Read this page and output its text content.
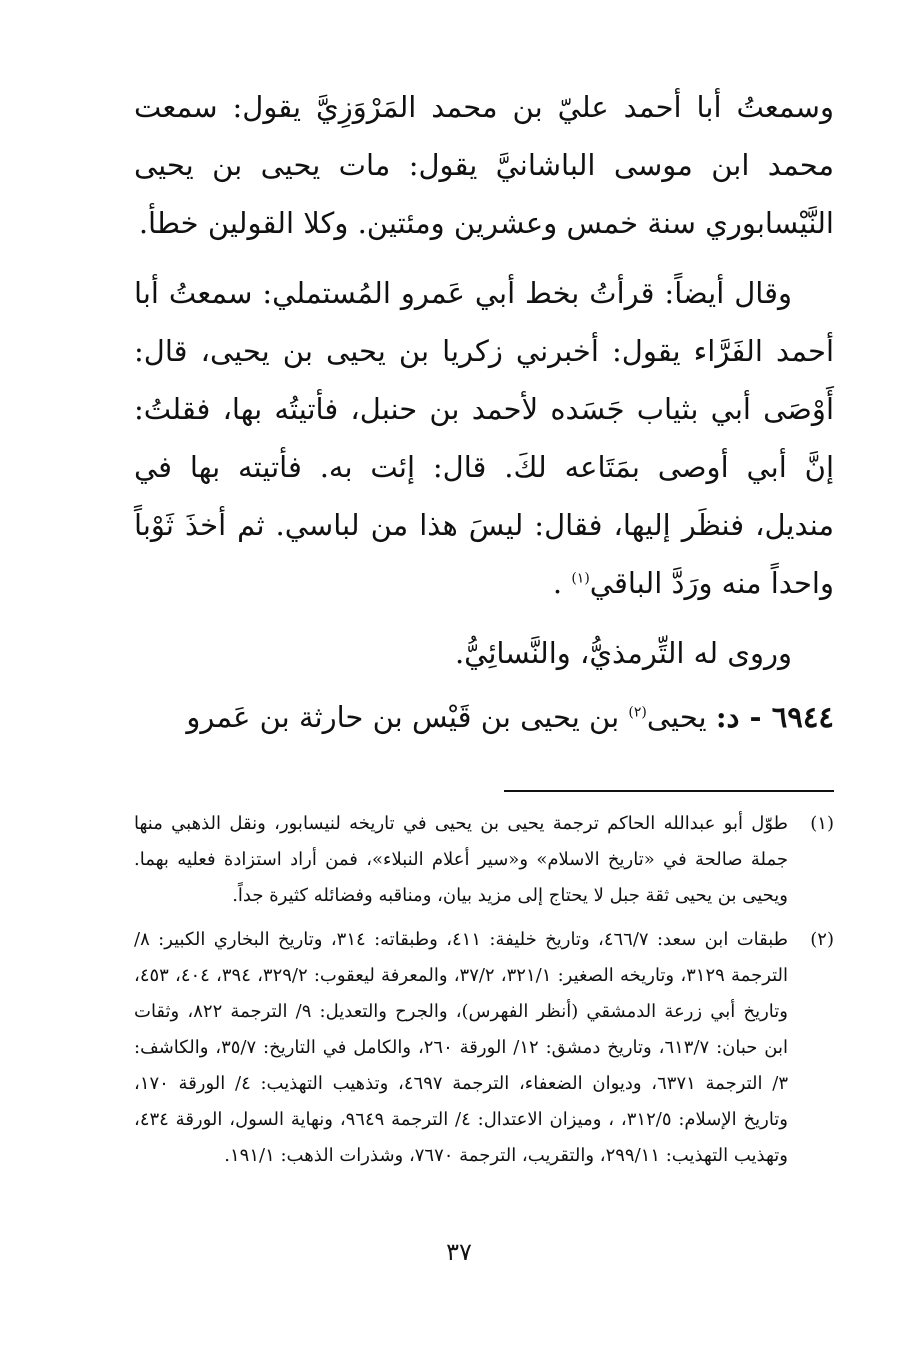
وسمعتُ أبا أحمد عليّ بن محمد المَرْوَزِيَّ يقول: سمعت محمد ابن موسى الباشانيَّ يقول: مات يحيى بن يحيى النَّيْسابوري سنة خمس وعشرين ومئتين. وكلا القولين خطأ.

وقال أيضاً: قرأتُ بخط أبي عَمرو المُستملي: سمعتُ أبا أحمد الفَرَّاء يقول: أخبرني زكريا بن يحيى بن يحيى، قال: أَوْصَى أبي بثياب جَسَده لأحمد بن حنبل، فأتيتُه بها، فقلتُ: إنَّ أبي أوصى بمَتَاعه لكَ. قال: إئت به. فأتيته بها في منديل، فنظَر إليها، فقال: ليسَ هذا من لباسي. ثم أخذَ ثَوْباً واحداً منه ورَدَّ الباقي$^{(١)}$ .

وروى له التِّرمذيُّ، والنَّسائِيُّ.

٦٩٤٤ - د: يحيى$^{(٢)}$ بن يحيى بن قَيْس بن حارثة بن عَمرو

(١)
طوّل أبو عبدالله الحاكم ترجمة يحيى بن يحيى في تاريخه لنيسابور، ونقل الذهبي منها جملة صالحة في «تاريخ الاسلام» و«سير أعلام النبلاء»، فمن أراد استزادة فعليه بهما. ويحيى بن يحيى ثقة جبل لا يحتاج إلى مزيد بيان، ومناقبه وفضائله كثيرة جداً.
(٢)
طبقات ابن سعد: ٤٦٦/٧، وتاريخ خليفة: ٤١١، وطبقاته: ٣١٤، وتاريخ البخاري الكبير: ٨/ الترجمة ٣١٢٩، وتاريخه الصغير: ٣٢١/١، ٣٧/٢، والمعرفة ليعقوب: ٣٢٩/٢، ٣٩٤، ٤٠٤، ٤٥٣، وتاريخ أبي زرعة الدمشقي (أنظر الفهرس)، والجرح والتعديل: ٩/ الترجمة ٨٢٢، وثقات ابن حبان: ٦١٣/٧، وتاريخ دمشق: ١٢/ الورقة ٢٦٠، والكامل في التاريخ: ٣٥/٧، والكاشف: ٣/ الترجمة ٦٣٧١، وديوان الضعفاء، الترجمة ٤٦٩٧، وتذهيب التهذيب: ٤/ الورقة ١٧٠، وتاريخ الإسلام: ٣١٢/٥، ، وميزان الاعتدال: ٤/ الترجمة ٩٦٤٩، ونهاية السول، الورقة ٤٣٤، وتهذيب التهذيب: ٢٩٩/١١، والتقريب، الترجمة ٧٦٧٠، وشذرات الذهب: ١٩١/١.
٣٧
